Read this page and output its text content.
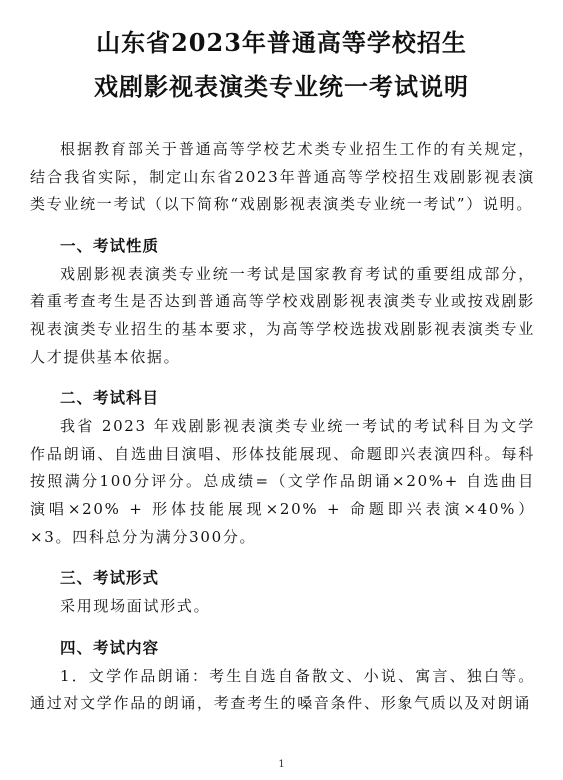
山东省2023年普通高等学校招生
戏剧影视表演类专业统一考试说明

根据教育部关于普通高等学校艺术类专业招生工作的有关规定，结合我省实际，制定山东省2023年普通高等学校招生戏剧影视表演类专业统一考试（以下简称“戏剧影视表演类专业统一考试”）说明。

一、考试性质

戏剧影视表演类专业统一考试是国家教育考试的重要组成部分，着重考查考生是否达到普通高等学校戏剧影视表演类专业或按戏剧影视表演类专业招生的基本要求，为高等学校选拔戏剧影视表演类专业人才提供基本依据。

二、考试科目

我省 2023 年戏剧影视表演类专业统一考试的考试科目为文学作品朗诵、自选曲目演唱、形体技能展现、命题即兴表演四科。每科按照满分100分评分。总成绩=（文学作品朗诵×20%+ 自选曲目演唱×20% + 形体技能展现×20% + 命题即兴表演×40%）×3。四科总分为满分300分。

三、考试形式

采用现场面试形式。

四、考试内容

1．文学作品朗诵：考生自选自备散文、小说、寓言、独白等。通过对文学作品的朗诵，考查考生的嗓音条件、形象气质以及对朗诵

1
